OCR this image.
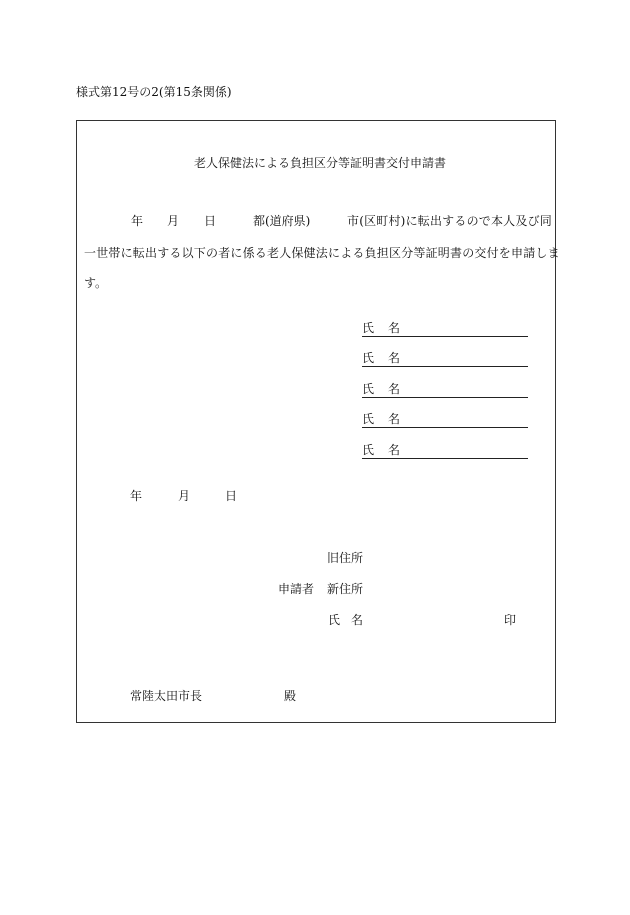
様式第12号の2(第15条関係)
老人保健法による負担区分等証明書交付申請書
年 月 日	都(道府県)	市(区町村)に転出するので本人及び同
一世帯に転出する以下の者に係る老人保健法による負担区分等証明書の交付を申請しま
す。
氏 名
氏 名
氏 名
氏 名
氏 名
年	月	日
旧住所
申請者 新住所
氏 名	印
常陸太田市長	殿
